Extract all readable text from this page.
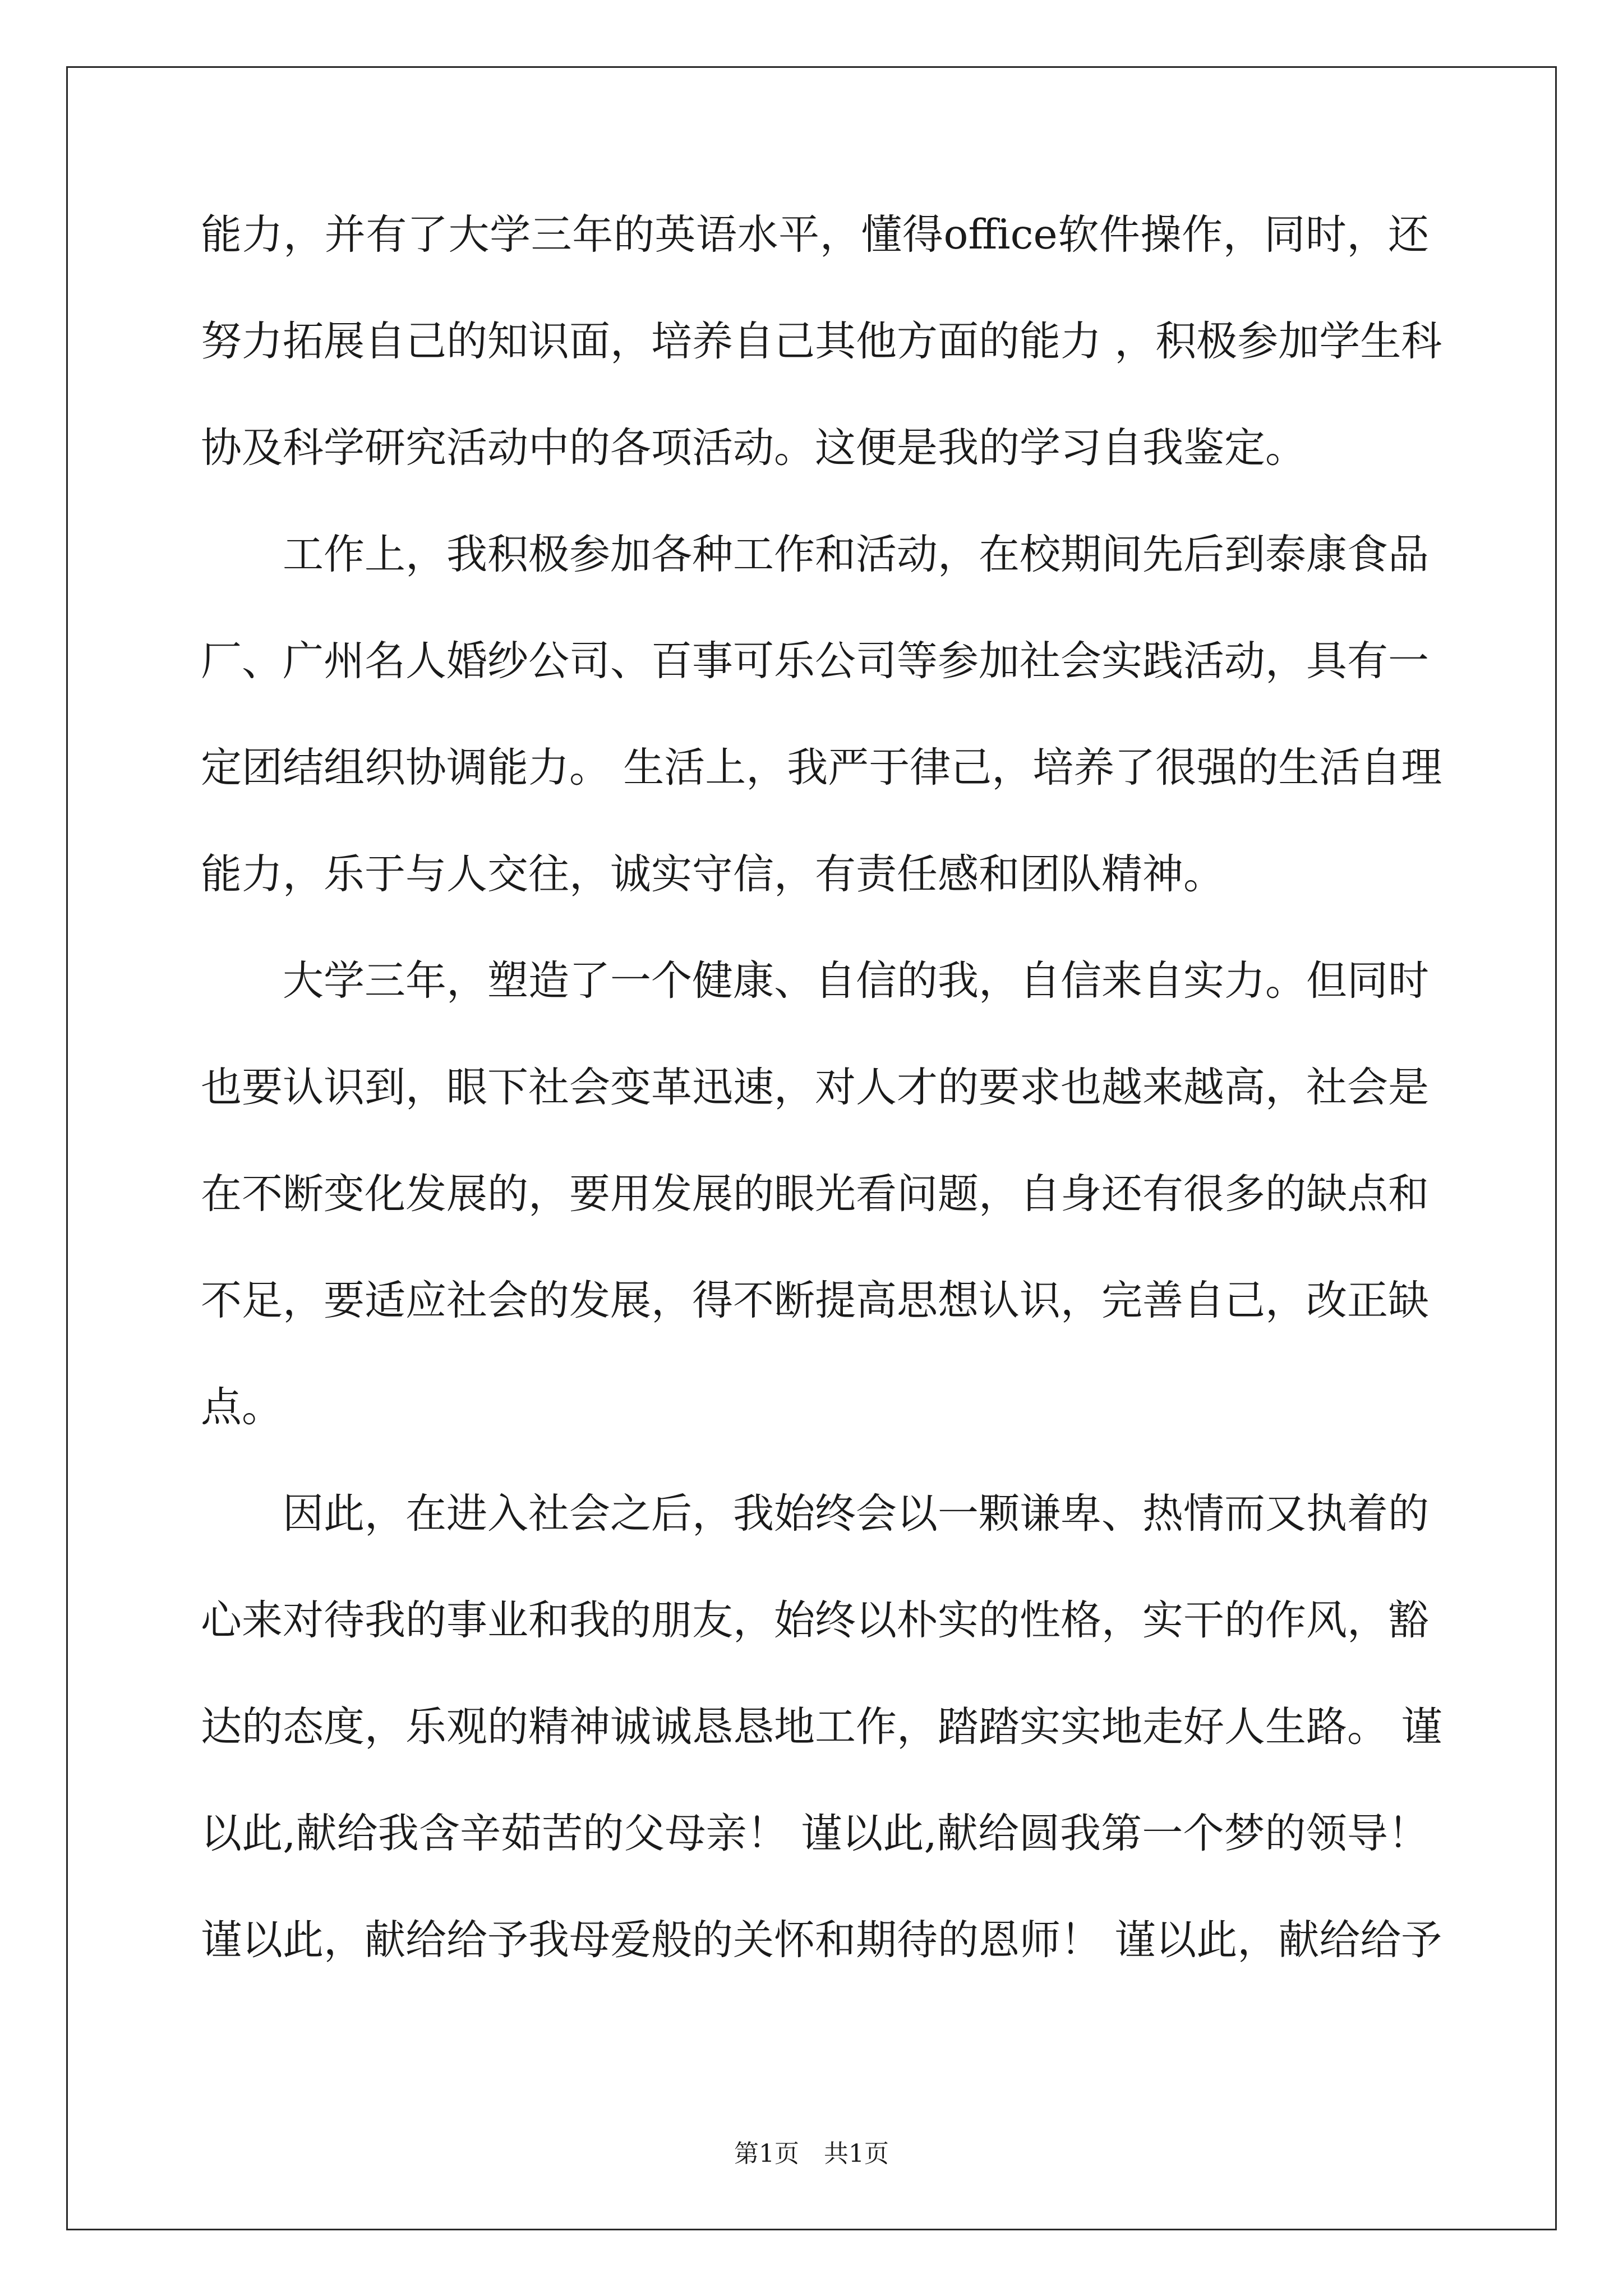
能力，并有了大学三年的英语水平，懂得office软件操作，同时，还
努力拓展自己的知识面，培养自己其他方面的能力 ，积极参加学生科
协及科学研究活动中的各项活动。这便是我的学习自我鉴定。
工作上，我积极参加各种工作和活动，在校期间先后到泰康食品
厂、广州名人婚纱公司、百事可乐公司等参加社会实践活动，具有一
定团结组织协调能力。 生活上，我严于律己，培养了很强的生活自理
能力，乐于与人交往，诚实守信，有责任感和团队精神。
大学三年，塑造了一个健康、自信的我，自信来自实力。但同时
也要认识到，眼下社会变革迅速，对人才的要求也越来越高，社会是
在不断变化发展的，要用发展的眼光看问题，自身还有很多的缺点和
不足，要适应社会的发展，得不断提高思想认识，完善自己，改正缺
点。
因此，在进入社会之后，我始终会以一颗谦卑、热情而又执着的
心来对待我的事业和我的朋友，始终以朴实的性格，实干的作风，豁
达的态度，乐观的精神诚诚恳恳地工作，踏踏实实地走好人生路。 谨
以此,献给我含辛茹苦的父母亲！ 谨以此,献给圆我第一个梦的领导！
谨以此，献给给予我母爱般的关怀和期待的恩师！ 谨以此，献给给予
第1页　共1页
